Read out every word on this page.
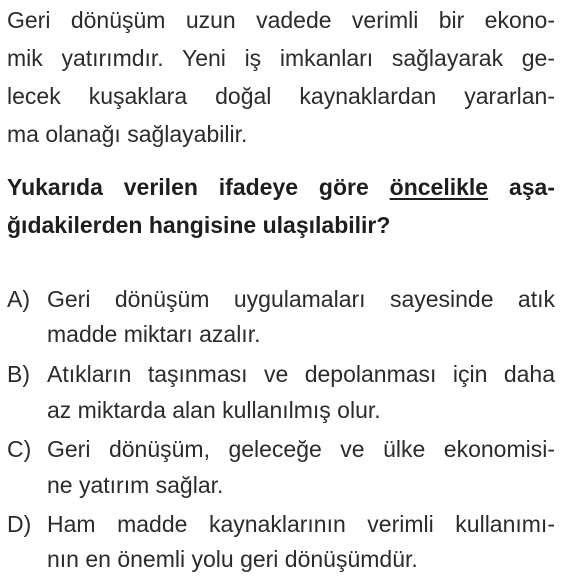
Geri dönüşüm uzun vadede verimli bir ekono-
mik yatırımdır. Yeni iş imkanları sağlayarak ge-
lecek kuşaklara doğal kaynaklardan yararlan-
ma olanağı sağlayabilir.
Yukarıda verilen ifadeye göre öncelikle aşa-
ğıdakilerden hangisine ulaşılabilir?
A) Geri dönüşüm uygulamaları sayesinde atık
madde miktarı azalır.
B) Atıkların taşınması ve depolanması için daha
az miktarda alan kullanılmış olur.
C) Geri dönüşüm, geleceğe ve ülke ekonomisi-
ne yatırım sağlar.
D) Ham madde kaynaklarının verimli kullanımı-
nın en önemli yolu geri dönüşümdür.
